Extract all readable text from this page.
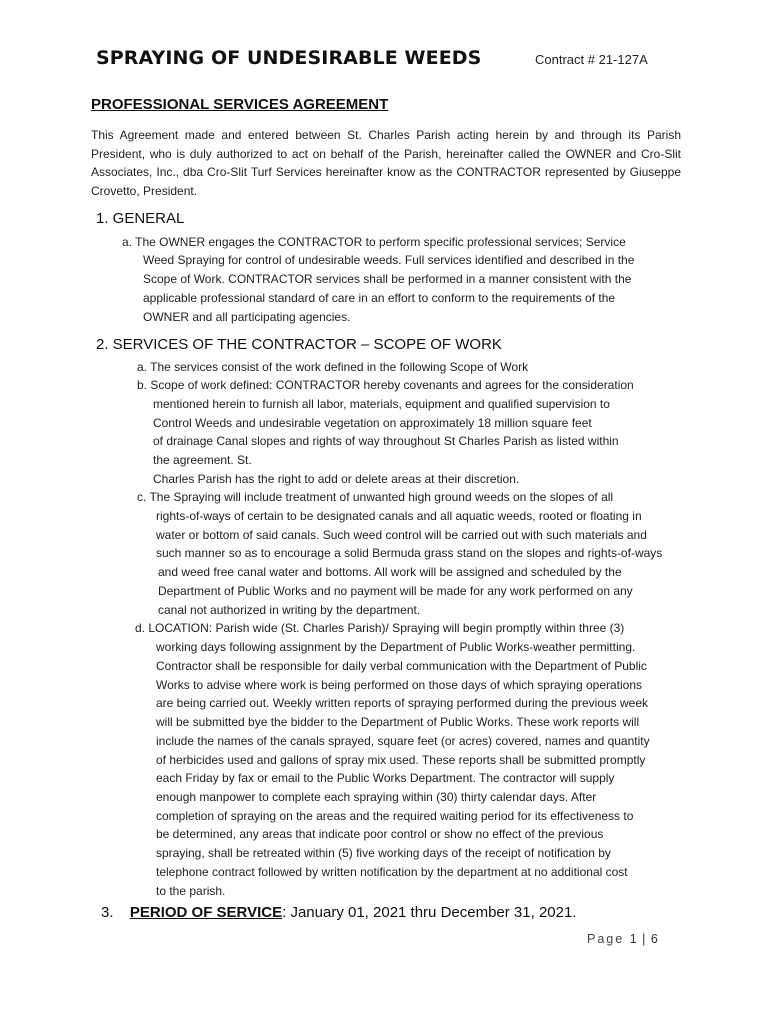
SPRAYING OF UNDESIRABLE WEEDS	Contract # 21-127A
PROFESSIONAL SERVICES AGREEMENT

This Agreement made and entered between St. Charles Parish acting herein by and through its Parish President, who is duly authorized to act on behalf of the Parish, hereinafter called the OWNER and Cro-Slit Associates, Inc., dba Cro-Slit Turf Services hereinafter know as the CONTRACTOR represented by Giuseppe Crovetto, President.

1. GENERAL
a. The OWNER engages the CONTRACTOR to perform specific professional services; Service
Weed Spraying for control of undesirable weeds. Full services identified and described in the
Scope of Work. CONTRACTOR services shall be performed in a manner consistent with the
applicable professional standard of care in an effort to conform to the requirements of the
OWNER and all participating agencies.
2. SERVICES OF THE CONTRACTOR – SCOPE OF WORK
a. The services consist of the work defined in the following Scope of Work
b. Scope of work defined: CONTRACTOR hereby covenants and agrees for the consideration
mentioned herein to furnish all labor, materials, equipment and qualified supervision to
Control Weeds and undesirable vegetation on approximately 18 million square feet
of drainage Canal slopes and rights of way throughout St Charles Parish as listed within
the agreement. St.
Charles Parish has the right to add or delete areas at their discretion.
c. The Spraying will include treatment of unwanted high ground weeds on the slopes of all
rights-of-ways of certain to be designated canals and all aquatic weeds, rooted or floating in
water or bottom of said canals. Such weed control will be carried out with such materials and
such manner so as to encourage a solid Bermuda grass stand on the slopes and rights-of-ways
and weed free canal water and bottoms. All work will be assigned and scheduled by the
Department of Public Works and no payment will be made for any work performed on any
canal not authorized in writing by the department.
d. LOCATION: Parish wide (St. Charles Parish)/ Spraying will begin promptly within three (3)
working days following assignment by the Department of Public Works-weather permitting.
Contractor shall be responsible for daily verbal communication with the Department of Public
Works to advise where work is being performed on those days of which spraying operations
are being carried out. Weekly written reports of spraying performed during the previous week
will be submitted bye the bidder to the Department of Public Works. These work reports will
include the names of the canals sprayed, square feet (or acres) covered, names and quantity
of herbicides used and gallons of spray mix used. These reports shall be submitted promptly
each Friday by fax or email to the Public Works Department. The contractor will supply
enough manpower to complete each spraying within (30) thirty calendar days. After
completion of spraying on the areas and the required waiting period for its effectiveness to
be determined, any areas that indicate poor control or show no effect of the previous
spraying, shall be retreated within (5) five working days of the receipt of notification by
telephone contract followed by written notification by the department at no additional cost
to the parish.
3. PERIOD OF SERVICE: January 01, 2021 thru December 31, 2021.
Page 1 | 6
